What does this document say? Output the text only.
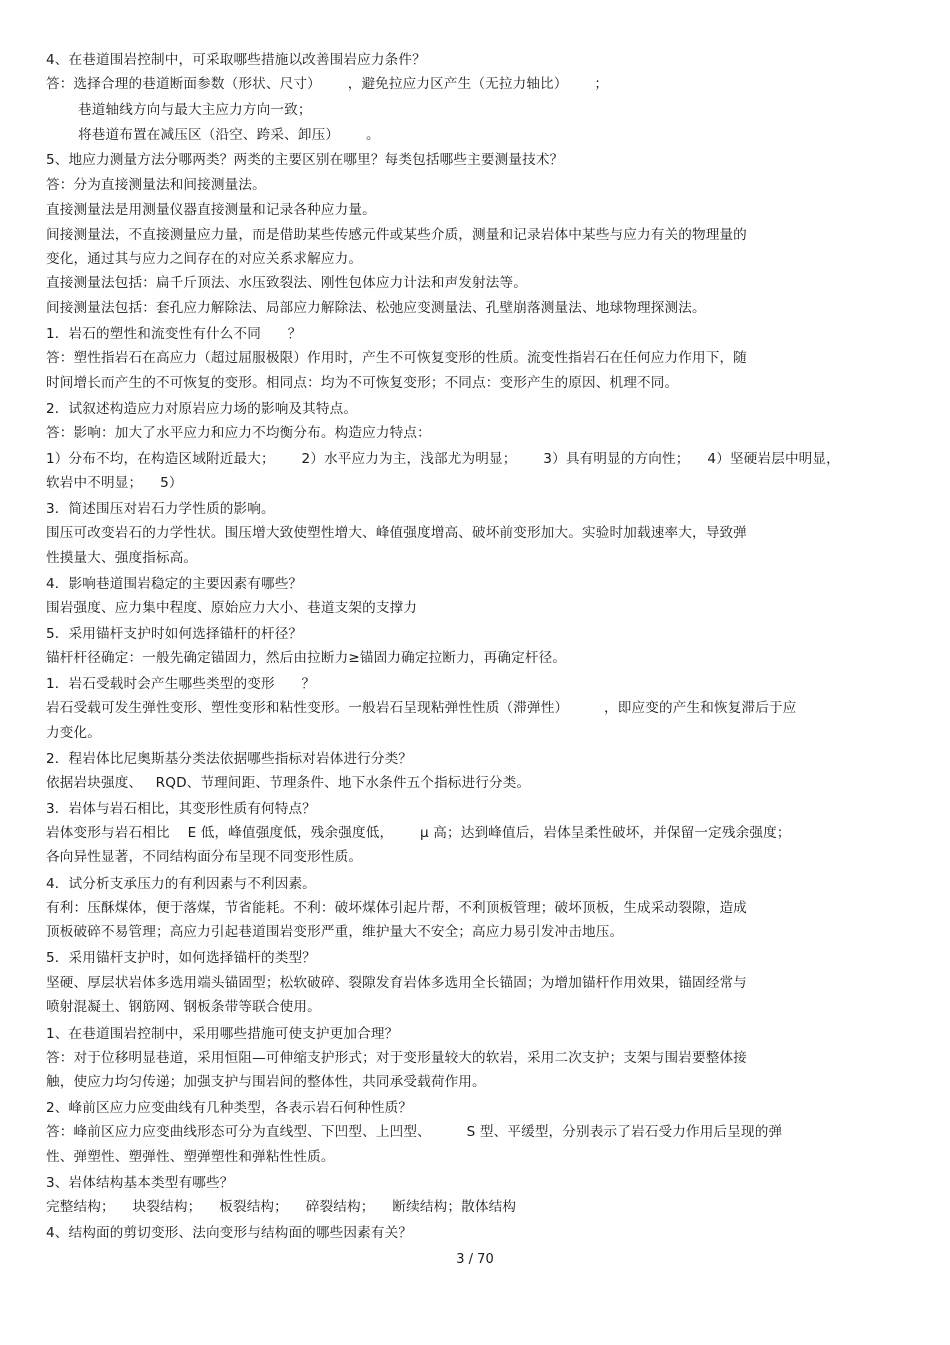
4、在巷道围岩控制中，可采取哪些措施以改善围岩应力条件？
答：选择合理的巷道断面参数（形状、尺寸）      ，避免拉应力区产生（无拉力轴比）      ；
巷道轴线方向与最大主应力方向一致；
将巷道布置在减压区（沿空、跨采、卸压）      。
5、地应力测量方法分哪两类？两类的主要区别在哪里？每类包括哪些主要测量技术？
答：分为直接测量法和间接测量法。
直接测量法是用测量仪器直接测量和记录各种应力量。
间接测量法，不直接测量应力量，而是借助某些传感元件或某些介质，测量和记录岩体中某些与应力有关的物理量的
变化，通过其与应力之间存在的对应关系求解应力。
直接测量法包括：扁千斤顶法、水压致裂法、刚性包体应力计法和声发射法等。
间接测量法包括：套孔应力解除法、局部应力解除法、松弛应变测量法、孔壁崩落测量法、地球物理探测法。
1．岩石的塑性和流变性有什么不同      ？
答：塑性指岩石在高应力（超过屈服极限）作用时，产生不可恢复变形的性质。流变性指岩石在任何应力作用下，随
时间增长而产生的不可恢复的变形。相同点：均为不可恢复变形；不同点：变形产生的原因、机理不同。
2．试叙述构造应力对原岩应力场的影响及其特点。
答：影响：加大了水平应力和应力不均衡分布。构造应力特点：
1）分布不均，在构造区域附近最大；      2）水平应力为主，浅部尤为明显；      3）具有明显的方向性；    4）坚硬岩层中明显，
软岩中不明显；    5）
3．简述围压对岩石力学性质的影响。
围压可改变岩石的力学性状。围压增大致使塑性增大、峰值强度增高、破坏前变形加大。实验时加载速率大，导致弹
性摸量大、强度指标高。
4．影响巷道围岩稳定的主要因素有哪些？
围岩强度、应力集中程度、原始应力大小、巷道支架的支撑力
5．采用锚杆支护时如何选择锚杆的杆径？
锚杆杆径确定：一般先确定锚固力，然后由拉断力≥锚固力确定拉断力，再确定杆径。
1．岩石受载时会产生哪些类型的变形      ？
岩石受载可发生弹性变形、塑性变形和粘性变形。一般岩石呈现粘弹性性质（滞弹性）        ，即应变的产生和恢复滞后于应
力变化。
2．程岩体比尼奥斯基分类法依据哪些指标对岩体进行分类？
依据岩块强度、   RQD、节理间距、节理条件、地下水条件五个指标进行分类。
3．岩体与岩石相比，其变形性质有何特点？
岩体变形与岩石相比    E 低，峰值强度低，残余强度低，      μ 高；达到峰值后，岩体呈柔性破坏，并保留一定残余强度；
各向异性显著，不同结构面分布呈现不同变形性质。
4．试分析支承压力的有利因素与不利因素。
有利：压酥煤体，便于落煤，节省能耗。不利：破坏煤体引起片帮，不利顶板管理；破坏顶板，生成采动裂隙，造成
顶板破碎不易管理；高应力引起巷道围岩变形严重，维护量大不安全；高应力易引发冲击地压。
5．采用锚杆支护时，如何选择锚杆的类型？
坚硬、厚层状岩体多选用端头锚固型；松软破碎、裂隙发育岩体多选用全长锚固；为增加锚杆作用效果，锚固经常与
喷射混凝土、钢筋网、钢板条带等联合使用。
1、在巷道围岩控制中，采用哪些措施可使支护更加合理？
答：对于位移明显巷道，采用恒阻—可伸缩支护形式；对于变形量较大的软岩，采用二次支护；支架与围岩要整体接
触，使应力均匀传递；加强支护与围岩间的整体性，共同承受载荷作用。
2、峰前区应力应变曲线有几种类型，各表示岩石何种性质？
答：峰前区应力应变曲线形态可分为直线型、下凹型、上凹型、        S 型、平缓型，分别表示了岩石受力作用后呈现的弹
性、弹塑性、塑弹性、塑弹塑性和弹粘性性质。
3、岩体结构基本类型有哪些？
完整结构；    块裂结构；    板裂结构；    碎裂结构；    断续结构；散体结构
4、结构面的剪切变形、法向变形与结构面的哪些因素有关？
3 / 70
